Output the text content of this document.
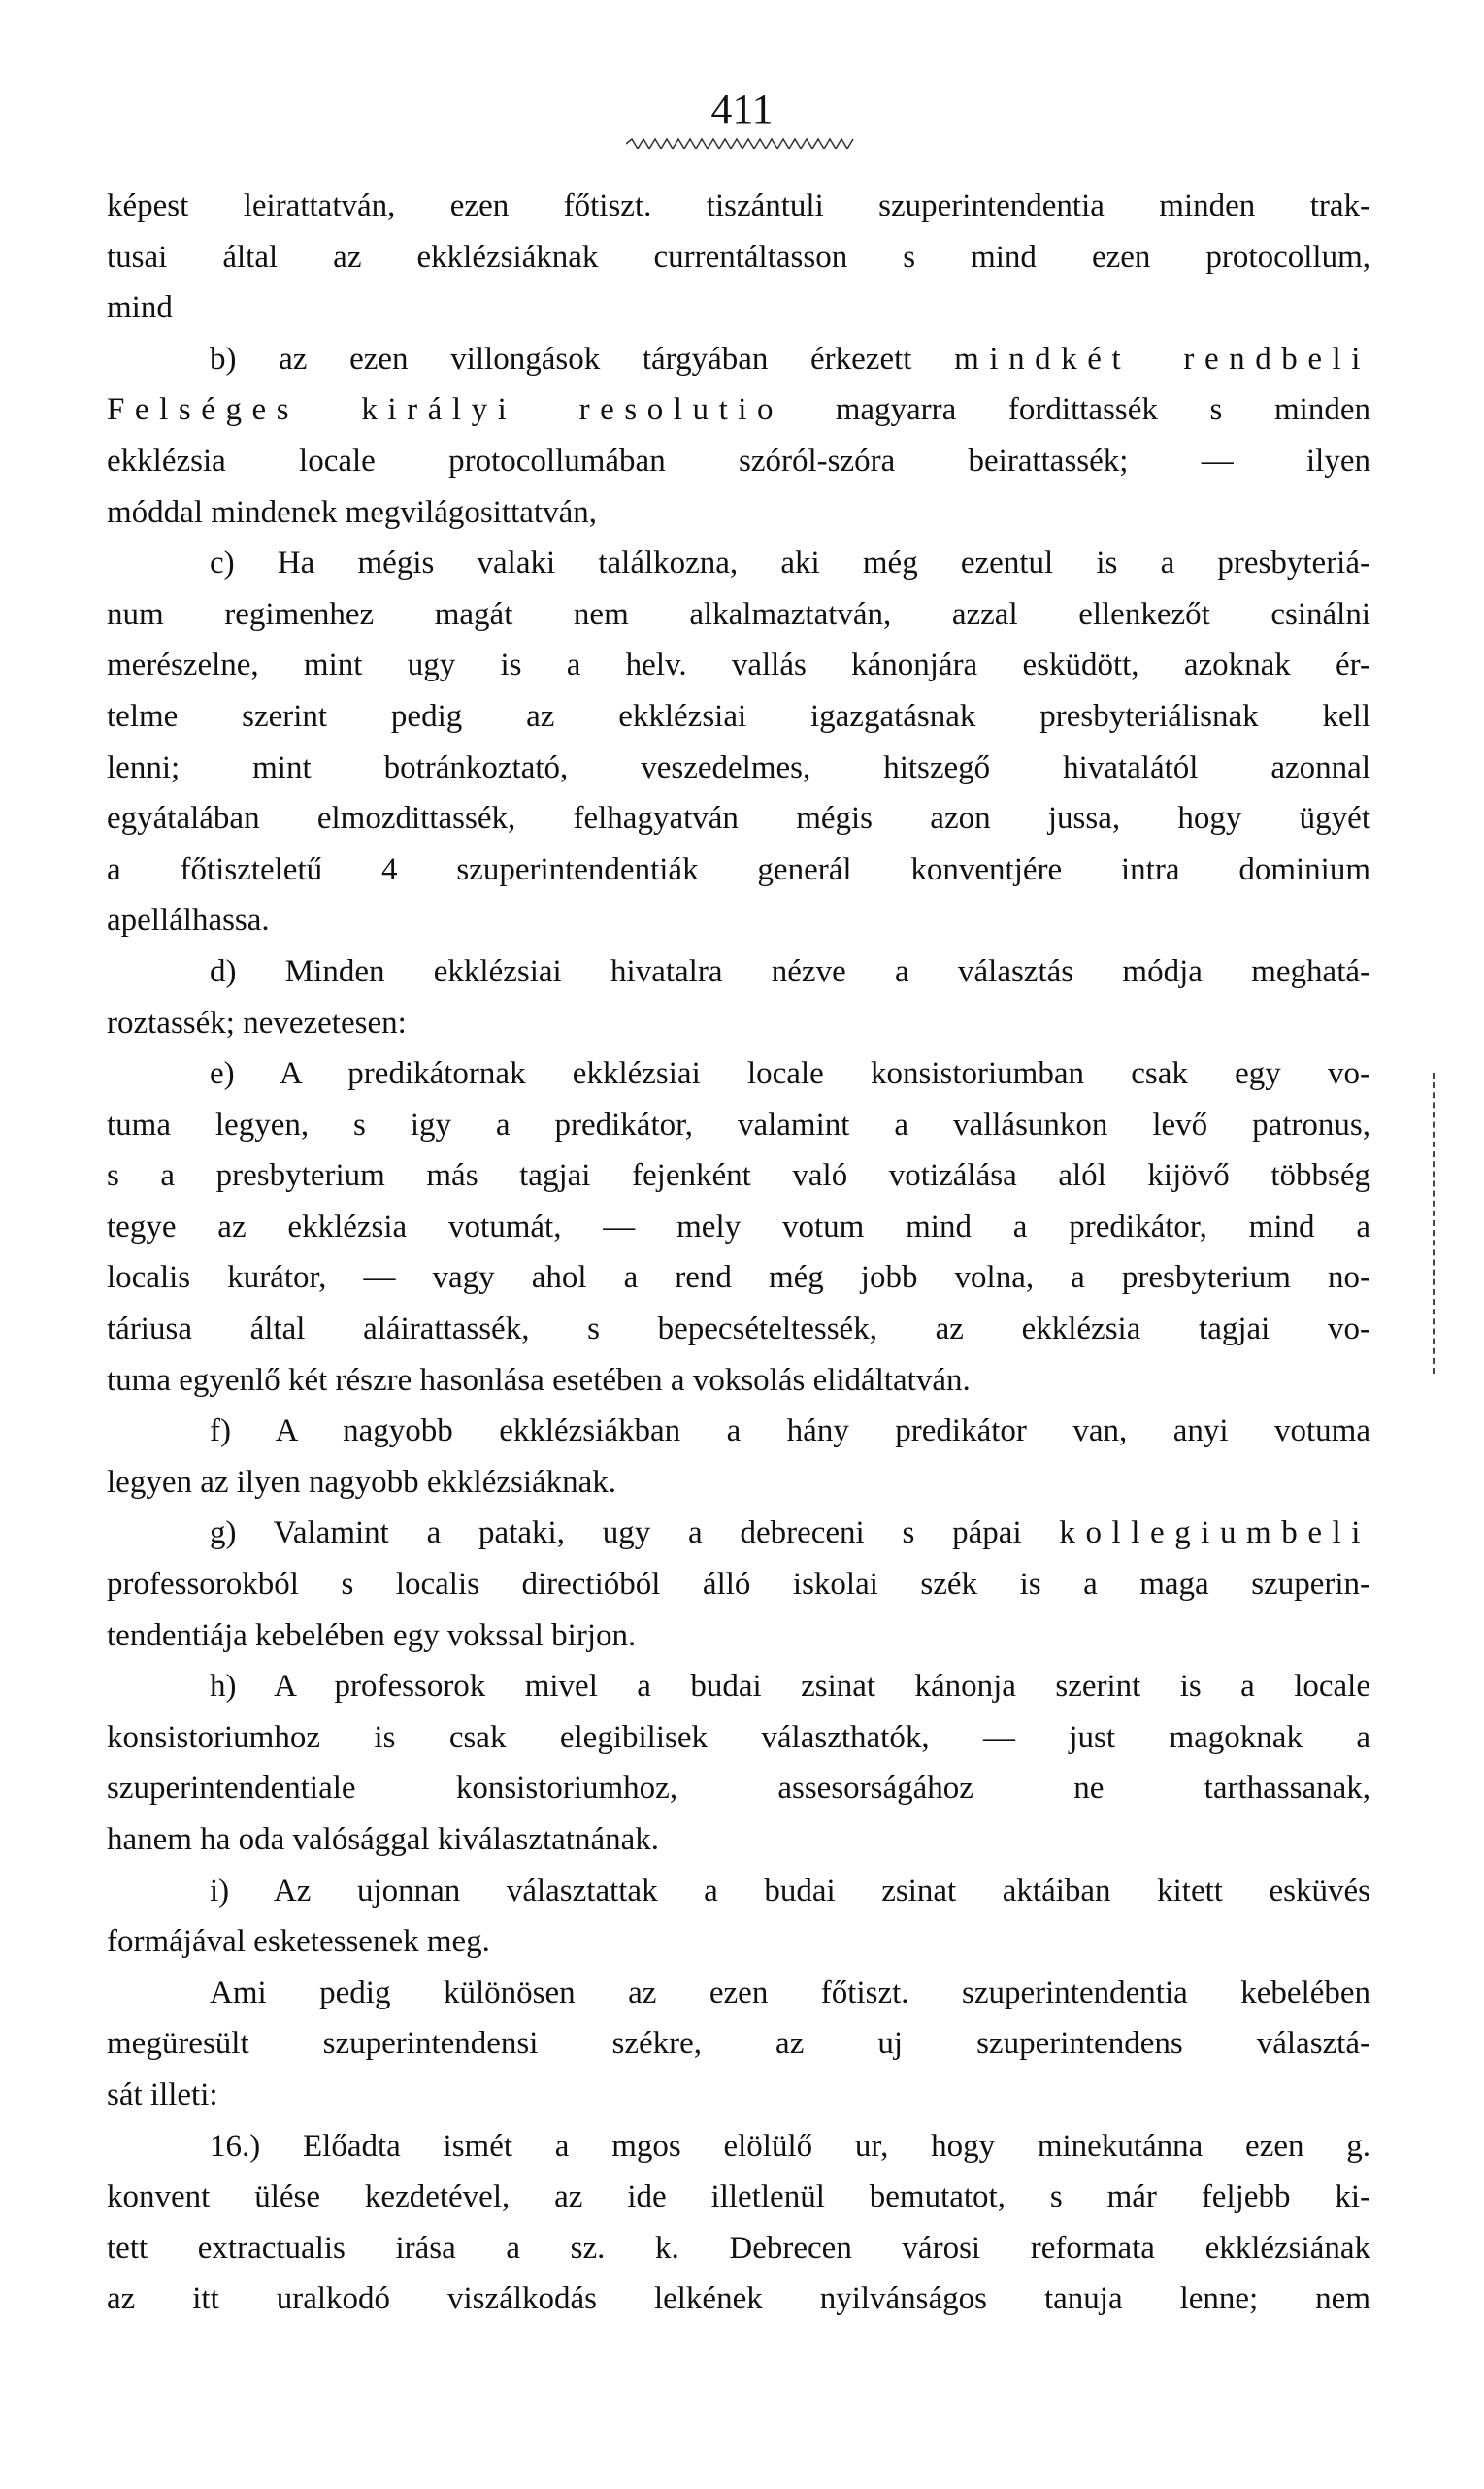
411
képest leirattatván, ezen főtiszt. tiszántuli szuperintendentia minden trak-
tusai által az ekklézsiáknak currentáltasson s mind ezen protocollum,
mind
b) az ezen villongások tárgyában érkezett mindkét rendbeli
Felséges királyi resolutio magyarra fordittassék s minden
ekklézsia locale protocollumában szóról-szóra beirattassék; — ilyen
móddal mindenek megvilágosittatván,
c) Ha mégis valaki találkozna, aki még ezentul is a presbyteriá-
num regimenhez magát nem alkalmaztatván, azzal ellenkezőt csinálni
merészelne, mint ugy is a helv. vallás kánonjára esküdött, azoknak ér-
telme szerint pedig az ekklézsiai igazgatásnak presbyteriálisnak kell
lenni; mint botránkoztató, veszedelmes, hitszegő hivatalától azonnal
egyátalában elmozdittassék, felhagyatván mégis azon jussa, hogy ügyét
a főtiszteletű 4 szuperintendentiák generál konventjére intra dominium
apellálhassa.
d) Minden ekklézsiai hivatalra nézve a választás módja meghatá-
roztassék; nevezetesen:
e) A predikátornak ekklézsiai locale konsistoriumban csak egy vo-
tuma legyen, s igy a predikátor, valamint a vallásunkon levő patronus,
s a presbyterium más tagjai fejenként való votizálása alól kijövő többség
tegye az ekklézsia votumát, — mely votum mind a predikátor, mind a
localis kurátor, — vagy ahol a rend még jobb volna, a presbyterium no-
táriusa által aláirattassék, s bepecsételtessék, az ekklézsia tagjai vo-
tuma egyenlő két részre hasonlása esetében a voksolás elidáltatván.
f) A nagyobb ekklézsiákban a hány predikátor van, anyi votuma
legyen az ilyen nagyobb ekklézsiáknak.
g) Valamint a pataki, ugy a debreceni s pápai kollegiumbeli
professorokból s localis directióból álló iskolai szék is a maga szuperin-
tendentiája kebelében egy vokssal birjon.
h) A professorok mivel a budai zsinat kánonja szerint is a locale
konsistoriumhoz is csak elegibilisek választhatók, — just magoknak a
szuperintendentiale konsistoriumhoz, assesorságához ne tarthassanak,
hanem ha oda valósággal kiválasztatnának.
i) Az ujonnan választattak a budai zsinat aktáiban kitett esküvés
formájával esketessenek meg.
Ami pedig különösen az ezen főtiszt. szuperintendentia kebelében
megüresült szuperintendensi székre, az uj szuperintendens választá-
sát illeti:
16.) Előadta ismét a mgos elölülő ur, hogy minekutánna ezen g.
konvent ülése kezdetével, az ide illetlenül bemutatot, s már feljebb ki-
tett extractualis irása a sz. k. Debrecen városi reformata ekklézsiának
az itt uralkodó viszálkodás lelkének nyilvánságos tanuja lenne; nem
